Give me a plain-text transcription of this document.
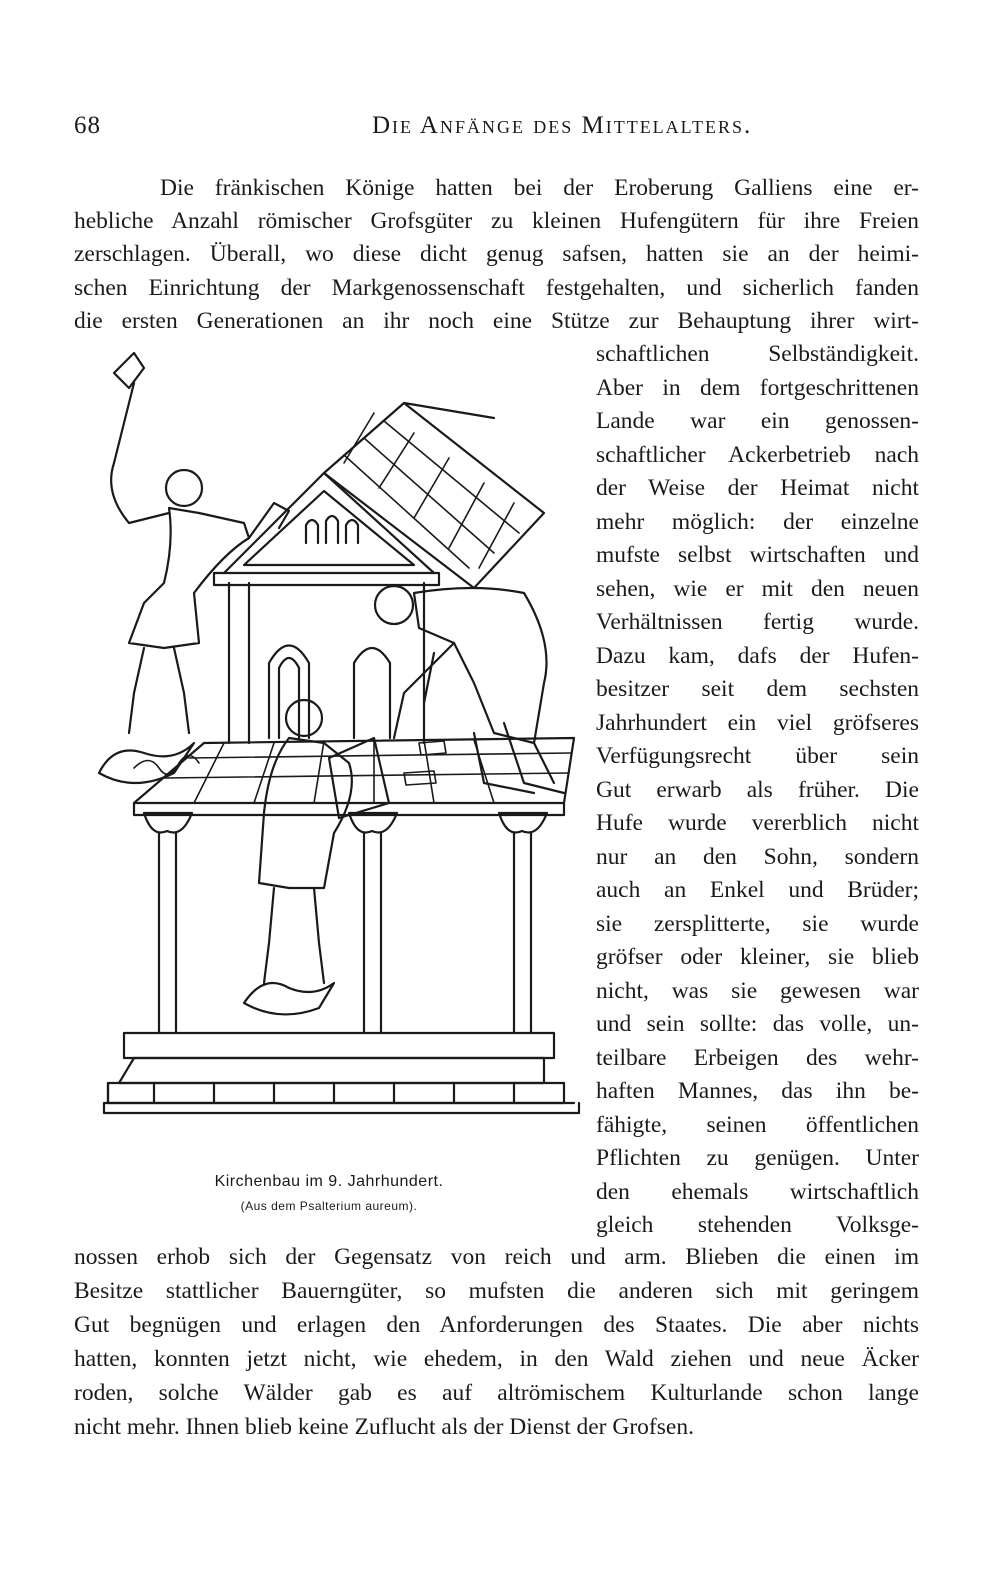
68	Die Anfänge des Mittelalters.
Die fränkischen Könige hatten bei der Eroberung Galliens eine er-
hebliche Anzahl römischer Grofsgüter zu kleinen Hufengütern für ihre Freien
zerschlagen. Überall, wo diese dicht genug safsen, hatten sie an der heimi-
schen Einrichtung der Markgenossenschaft festgehalten, und sicherlich fanden
die ersten Generationen an ihr noch eine Stütze zur Behauptung ihrer wirt-
schaftlichen Selbständigkeit.
Aber in dem fortgeschrittenen
Lande war ein genossen-
schaftlicher Ackerbetrieb nach
der Weise der Heimat nicht
mehr möglich: der einzelne
mufste selbst wirtschaften und
sehen, wie er mit den neuen
Verhältnissen fertig wurde.
Dazu kam, dafs der Hufen-
besitzer seit dem sechsten
Jahrhundert ein viel gröfseres
Verfügungsrecht über sein
Gut erwarb als früher. Die
Hufe wurde vererblich nicht
nur an den Sohn, sondern
auch an Enkel und Brüder;
sie zersplitterte, sie wurde
gröfser oder kleiner, sie blieb
nicht, was sie gewesen war
und sein sollte: das volle, un-
teilbare Erbeigen des wehr-
haften Mannes, das ihn be-
fähigte, seinen öffentlichen
Pflichten zu genügen. Unter
den ehemals wirtschaftlich
gleich stehenden Volksge-
nossen erhob sich der Gegensatz von reich und arm. Blieben die einen im
Besitze stattlicher Bauerngüter, so mufsten die anderen sich mit geringem
Gut begnügen und erlagen den Anforderungen des Staates. Die aber nichts
hatten, konnten jetzt nicht, wie ehedem, in den Wald ziehen und neue Äcker
roden, solche Wälder gab es auf altrömischem Kulturlande schon lange
nicht mehr. Ihnen blieb keine Zuflucht als der Dienst der Grofsen.
Kirchenbau im 9. Jahrhundert.
(Aus dem Psalterium aureum).
